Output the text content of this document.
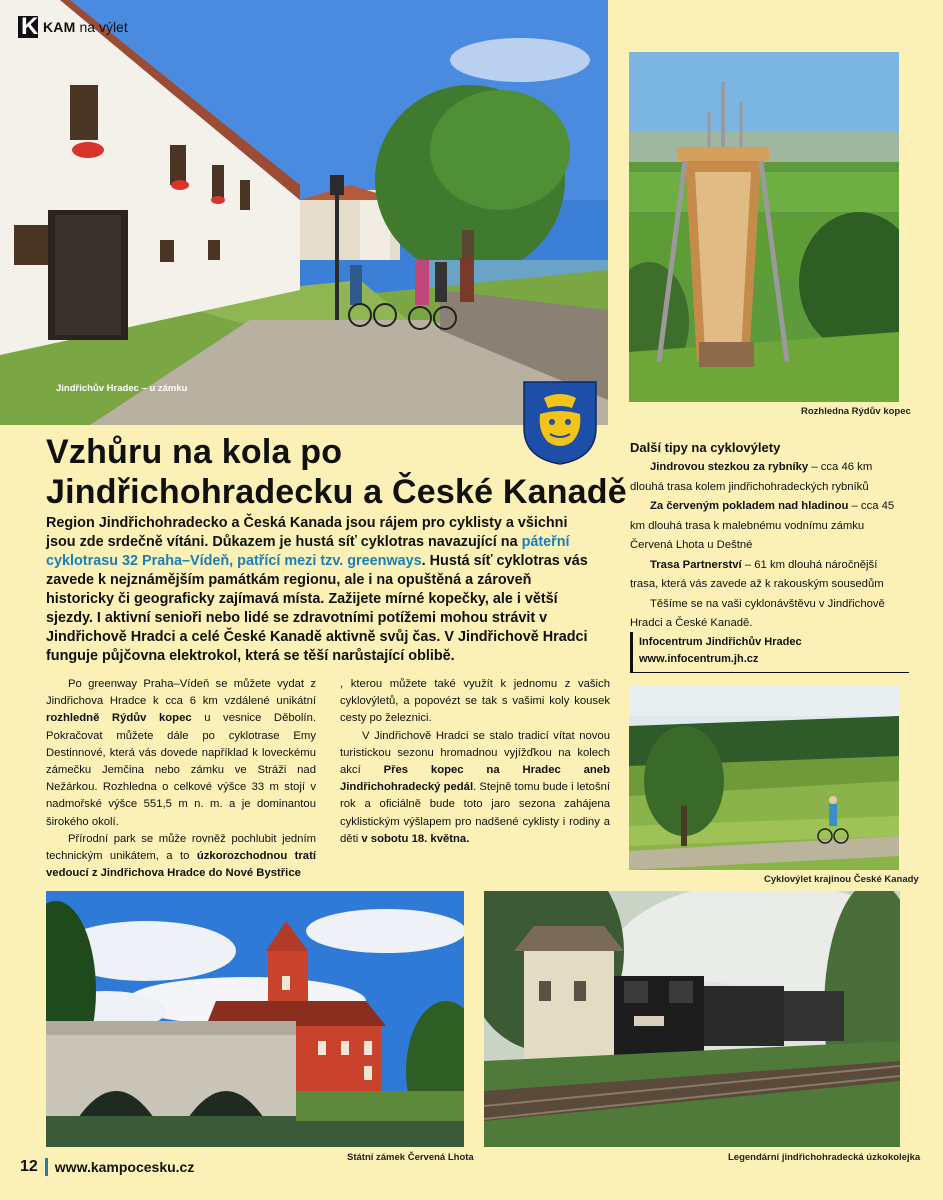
K KAM na výlet
Jindřichův Hradec – u zámku
Rozhledna Rýdův kopec
Vzhůru na kola po
Jindřichohradecku a České Kanadě
Region Jindřichohradecko a Česká Kanada jsou rájem pro cyklisty a všichni jsou zde srdečně vítáni. Důkazem je hustá síť cyklotras navazující na páteřní cyklotrasu 32 Praha–Vídeň, patřící mezi tzv. greenways. Hustá síť cyklotras vás zavede k nejznámějším památkám regionu, ale i na opuštěná a zároveň historicky či geograficky zajímavá místa. Zažijete mírné kopečky, ale i větší sjezdy. I aktivní senioři nebo lidé se zdravotními potížemi mohou strávit v Jindřichově Hradci a celé České Kanadě aktivně svůj čas. V Jindřichově Hradci funguje půjčovna elektrokol, která se těší narůstající oblibě.

Po greenway Praha–Vídeň se můžete vydat z Jindřichova Hradce k cca 6 km vzdálené unikátní rozhledně Rýdův kopec u vesnice Děbolín. Pokračovat můžete dále po cyklotrase Emy Destinnové, která vás dovede například k loveckému zámečku Jemčina nebo zámku ve Stráži nad Nežárkou. Rozhledna o celkové výšce 33 m stojí v nadmořské výšce 551,5 m n. m. a je dominantou širokého okolí.

Přírodní park se může rovněž pochlubit jedním technickým unikátem, a to úzkorozchodnou tratí vedoucí z Jindřichova Hradce do Nové Bystřice

, kterou můžete také využít k jednomu z vašich cyklovýletů, a popovézt se tak s vašimi koly kousek cesty po železnici.

V Jindřichově Hradci se stalo tradicí vítat novou turistickou sezonu hromadnou vyjížďkou na kolech akcí Přes kopec na Hradec aneb Jindřichohradecký pedál. Stejně tomu bude i letošní rok a oficiálně bude toto jaro sezona zahájena cyklistickým výšlapem pro nadšené cyklisty i rodiny a děti v sobotu 18. května.

Další tipy na cyklovýlety

Jindrovou stezkou za rybníky – cca 46 km dlouhá trasa kolem jindřichohradeckých rybníků

Za červeným pokladem nad hladinou – cca 45 km dlouhá trasa k malebnému vodnímu zámku Červená Lhota u Deštné

Trasa Partnerství – 61 km dlouhá náročnější trasa, která vás zavede až k rakouským sousedům

Těšíme se na vaši cyklonávštěvu v Jindřichově Hradci a České Kanadě.

Infocentrum Jindřichův Hradec
www.infocentrum.jh.cz
Cyklovýlet krajinou České Kanady
Státní zámek Červená Lhota	Legendární jindřichohradecká úzkokolejka
12 www.kampocesku.cz
